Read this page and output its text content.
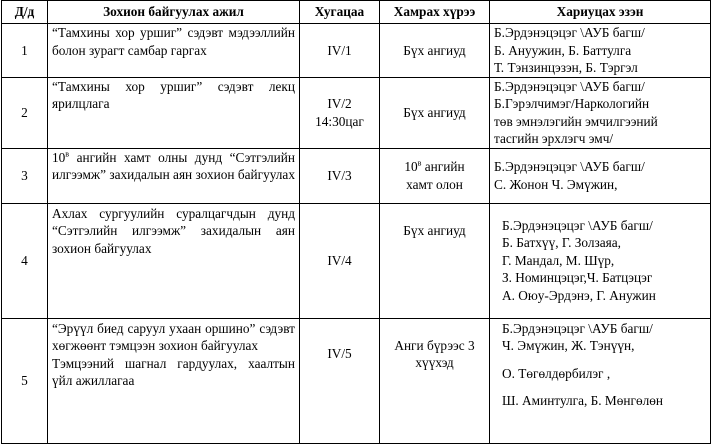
Д/д	Зохион байгуулах ажил	Хугацаа	Хамрах хүрээ	Хариуцах эзэн
1	“Тамхины хор уршиг” сэдэвт мэдээллийн болон зурагт самбар гаргах	IV/1	Бүх ангиуд	Б.Эрдэнэцэцэг \АУБ багш/
Б. Ануужин, Б. Баттулга
Т. Тэнзинцэзэн, Б. Тэргэл

2	“Тамхины хор уршиг” сэдэвт лекц ярилцлага	IV/2
14:30цаг	Бүх ангиуд	Б.Эрдэнэцэцэг \АУБ багш/
Б.Гэрэлчимэг/Наркологийн
төв эмнэлэгийн эмчилгээний
тасгийн эрхлэгч эмч/

3	$10^в$ ангийн хамт олны дунд “Сэтгэлийн илгээмж” захидалын аян зохион байгуулах	IV/3	$10^в$ ангийн
хамт олон	Б.Эрдэнэцэцэг \АУБ багш/
С. Жонон Ч. Эмүжин,

4	Ахлах сургуулийн суралцагчдын дунд “Сэтгэлийн илгээмж” захидалын аян зохион байгуулах	IV/4	Бүх ангиуд	Б.Эрдэнэцэцэг \АУБ багш/
Б. Батхүү, Г. Золзаяа,
Г. Мандал, М. Шүр,
З. Номинцэцэг,Ч. Батцэцэг
А. Оюу-Эрдэнэ, Г. Анужин

5	“Эрүүл биед саруул ухаан оршино” сэдэвт хөгжөөнт тэмцээн зохион байгуулах
Тэмцээний шагнал гардуулах, хаалтын үйл ажиллагаа	IV/5	Анги бүрээс 3
хүүхэд	Б.Эрдэнэцэцэг \АУБ багш/
Ч. Эмүжин, Ж. Тэнүүн,
О. Төгөлдөрбилэг ,
Ш. Аминтулга, Б. Мөнгөлөн
